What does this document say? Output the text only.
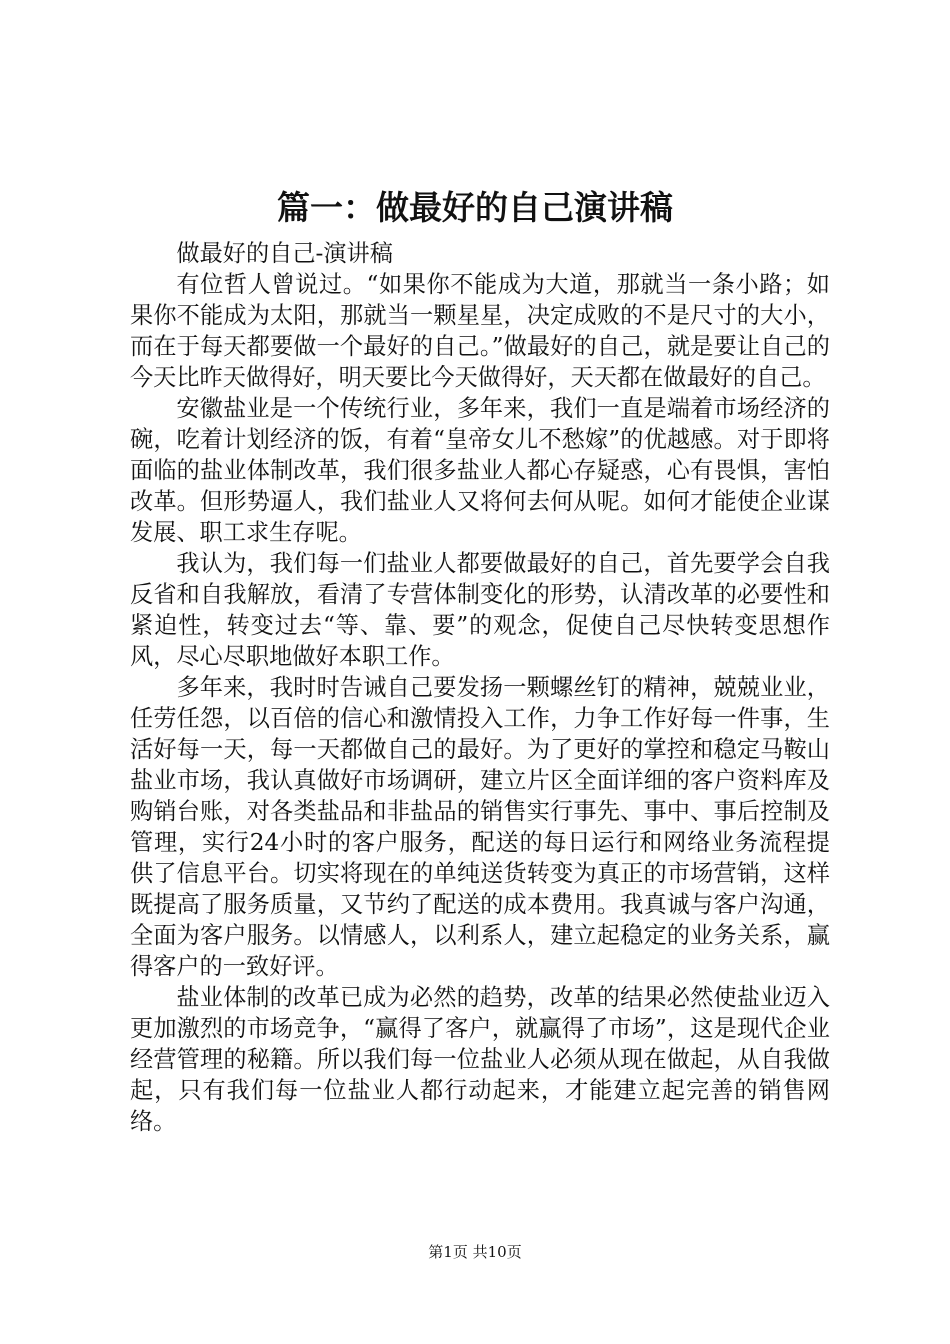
篇一：做最好的自己演讲稿

做最好的自己-演讲稿

有位哲人曾说过。“如果你不能成为大道，那就当一条小路；如果你不能成为太阳，那就当一颗星星，决定成败的不是尺寸的大小，而在于每天都要做一个最好的自己。”做最好的自己，就是要让自己的今天比昨天做得好，明天要比今天做得好，天天都在做最好的自己。

安徽盐业是一个传统行业，多年来，我们一直是端着市场经济的碗，吃着计划经济的饭，有着“皇帝女儿不愁嫁”的优越感。对于即将面临的盐业体制改革，我们很多盐业人都心存疑惑，心有畏惧，害怕改革。但形势逼人，我们盐业人又将何去何从呢。如何才能使企业谋发展、职工求生存呢。

我认为，我们每一们盐业人都要做最好的自己，首先要学会自我反省和自我解放，看清了专营体制变化的形势，认清改革的必要性和紧迫性，转变过去“等、靠、要”的观念，促使自己尽快转变思想作风，尽心尽职地做好本职工作。

多年来，我时时告诫自己要发扬一颗螺丝钉的精神，兢兢业业，任劳任怨，以百倍的信心和激情投入工作，力争工作好每一件事，生活好每一天，每一天都做自己的最好。为了更好的掌控和稳定马鞍山盐业市场，我认真做好市场调研，建立片区全面详细的客户资料库及购销台账，对各类盐品和非盐品的销售实行事先、事中、事后控制及管理，实行24小时的客户服务，配送的每日运行和网络业务流程提供了信息平台。切实将现在的单纯送货转变为真正的市场营销，这样既提高了服务质量，又节约了配送的成本费用。我真诚与客户沟通，全面为客户服务。以情感人，以利系人，建立起稳定的业务关系，赢得客户的一致好评。

盐业体制的改革已成为必然的趋势，改革的结果必然使盐业迈入更加激烈的市场竞争，“赢得了客户，就赢得了市场”，这是现代企业经营管理的秘籍。所以我们每一位盐业人必须从现在做起，从自我做起，只有我们每一位盐业人都行动起来，才能建立起完善的销售网络。

第1页 共10页
